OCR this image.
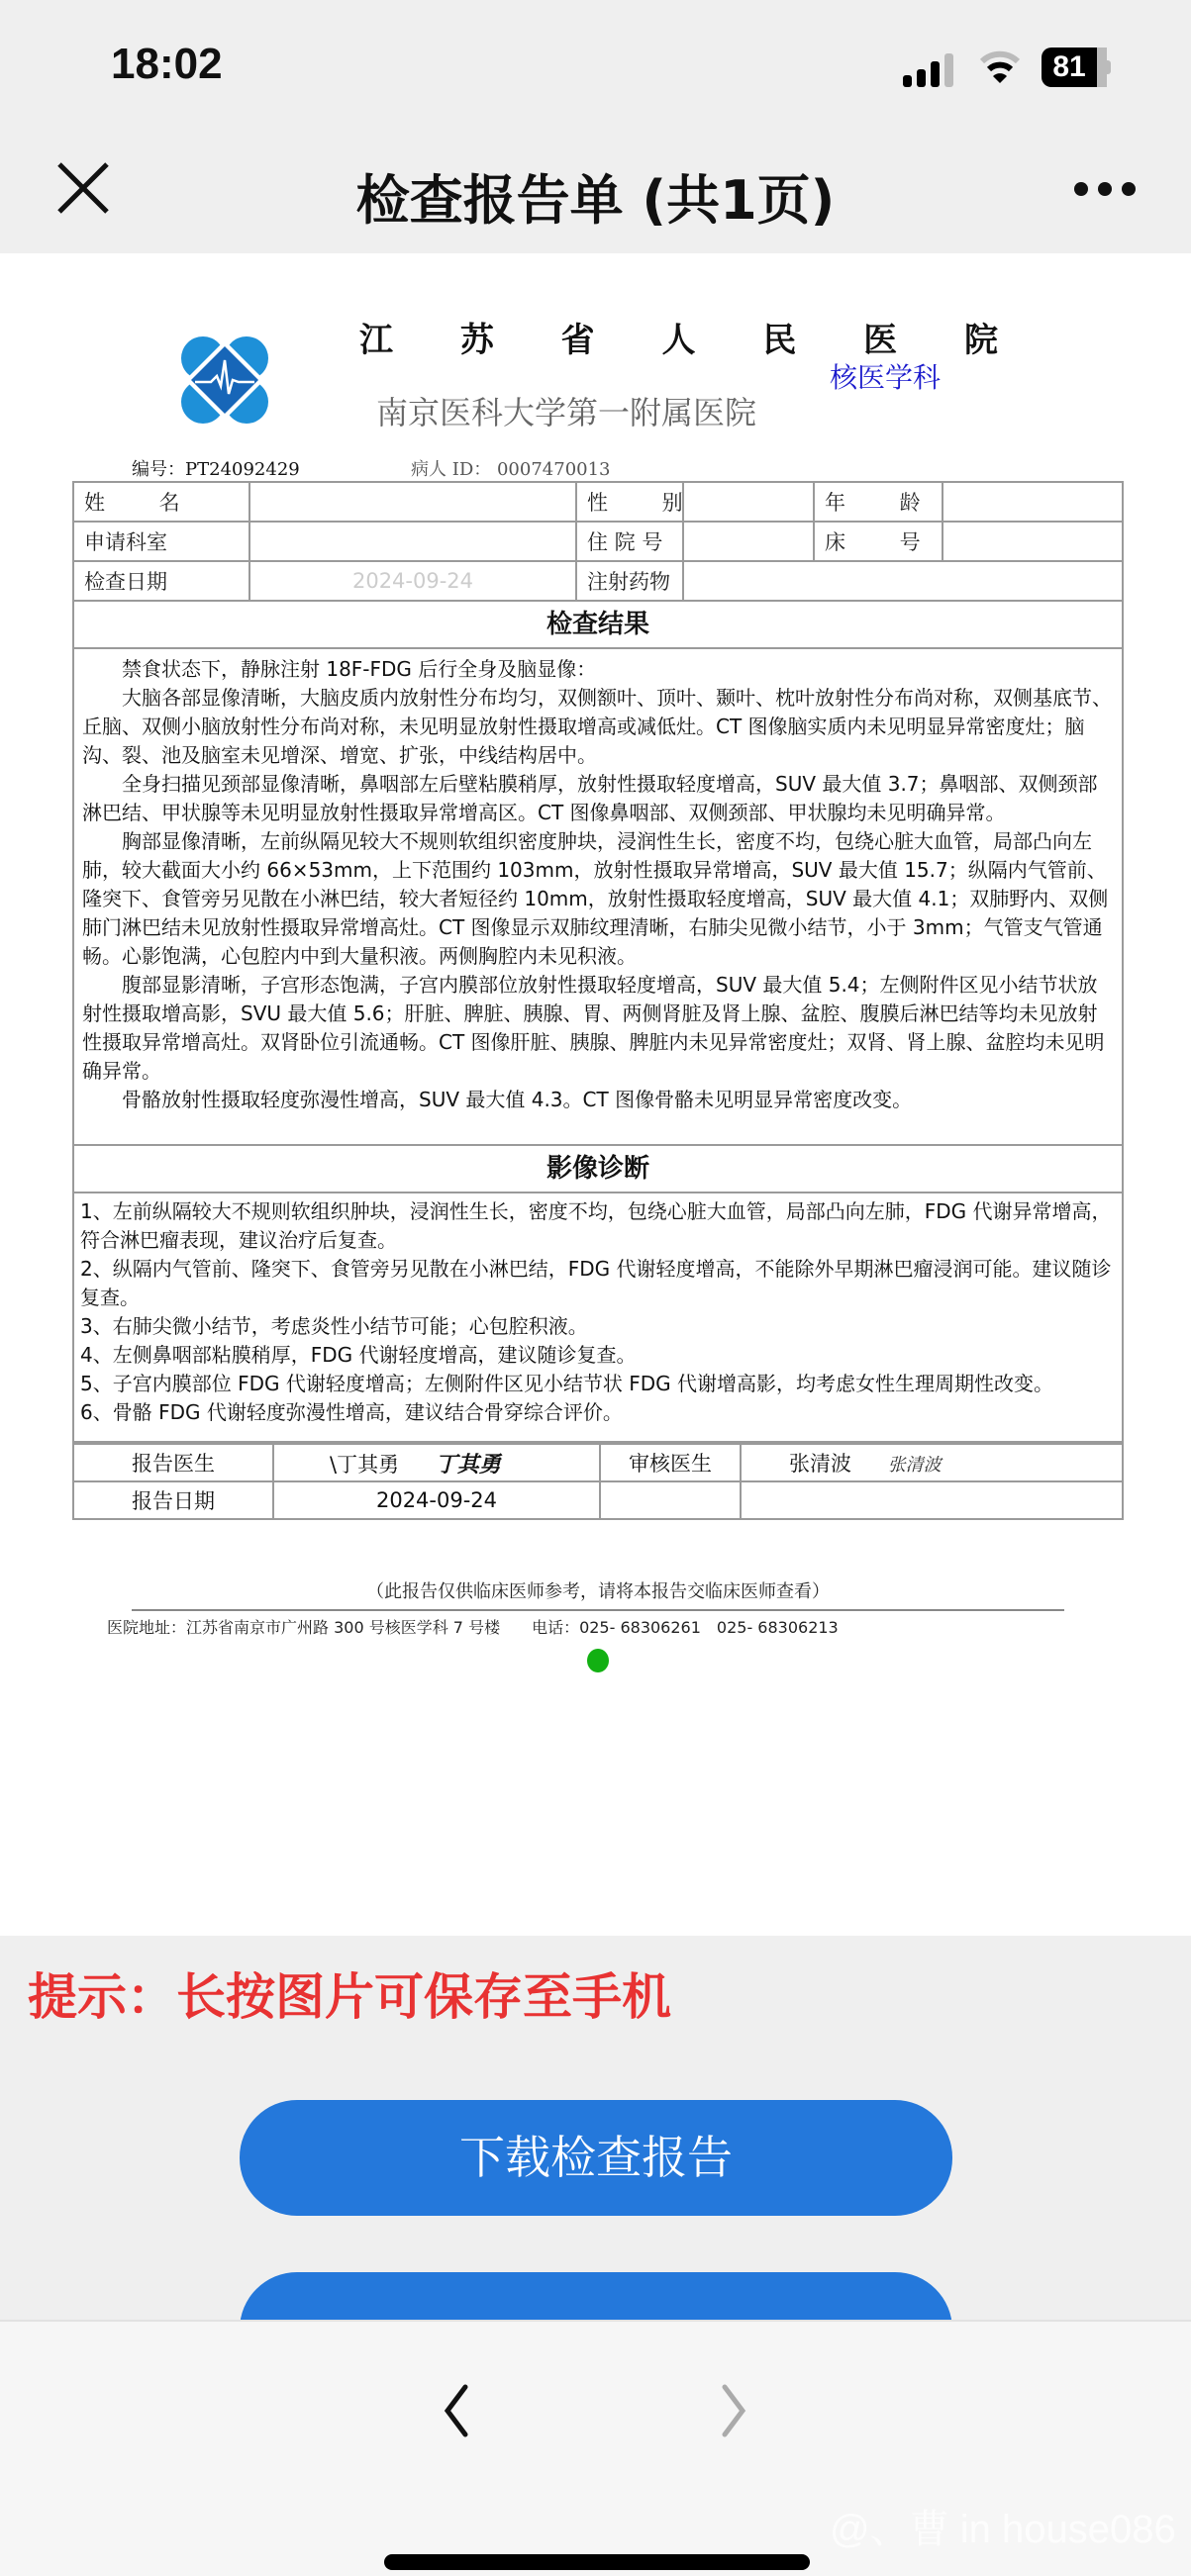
18:02	81
检查报告单 (共1页)
江 苏 省 人 民 医 院
南京医科大学第一附属医院
核医学科
编号：PT24092429	病人 ID： 0007470013
姓 名		性 别		年 龄	
申请科室		住 院 号		床 号	
检查日期	2024-09-24	注射药物			
检查结果

禁食状态下，静脉注射 18F-FDG 后行全身及脑显像：

大脑各部显像清晰，大脑皮质内放射性分布均匀，双侧额叶、顶叶、颞叶、枕叶放射性分布尚对称，双侧基底节、丘脑、双侧小脑放射性分布尚对称，未见明显放射性摄取增高或减低灶。CT 图像脑实质内未见明显异常密度灶；脑沟、裂、池及脑室未见增深、增宽、扩张，中线结构居中。

全身扫描见颈部显像清晰，鼻咽部左后壁粘膜稍厚，放射性摄取轻度增高，SUV 最大值 3.7；鼻咽部、双侧颈部淋巴结、甲状腺等未见明显放射性摄取异常增高区。CT 图像鼻咽部、双侧颈部、甲状腺均未见明确异常。

胸部显像清晰，左前纵隔见较大不规则软组织密度肿块，浸润性生长，密度不均，包绕心脏大血管，局部凸向左肺，较大截面大小约 66×53mm，上下范围约 103mm，放射性摄取异常增高，SUV 最大值 15.7；纵隔内气管前、隆突下、食管旁另见散在小淋巴结，较大者短径约 10mm，放射性摄取轻度增高，SUV 最大值 4.1；双肺野内、双侧肺门淋巴结未见放射性摄取异常增高灶。CT 图像显示双肺纹理清晰，右肺尖见微小结节，小于 3mm；气管支气管通畅。心影饱满，心包腔内中到大量积液。两侧胸腔内未见积液。

腹部显影清晰，子宫形态饱满，子宫内膜部位放射性摄取轻度增高，SUV 最大值 5.4；左侧附件区见小结节状放射性摄取增高影，SVU 最大值 5.6；肝脏、脾脏、胰腺、胃、两侧肾脏及肾上腺、盆腔、腹膜后淋巴结等均未见放射性摄取异常增高灶。双肾卧位引流通畅。CT 图像肝脏、胰腺、脾脏内未见异常密度灶；双肾、肾上腺、盆腔均未见明确异常。

骨骼放射性摄取轻度弥漫性增高，SUV 最大值 4.3。CT 图像骨骼未见明显异常密度改变。

影像诊断
1、左前纵隔较大不规则软组织肿块，浸润性生长，密度不均，包绕心脏大血管，局部凸向左肺，FDG 代谢异常增高，符合淋巴瘤表现，建议治疗后复查。
2、纵隔内气管前、隆突下、食管旁另见散在小淋巴结，FDG 代谢轻度增高，不能除外早期淋巴瘤浸润可能。建议随诊复查。
3、右肺尖微小结节，考虑炎性小结节可能；心包腔积液。
4、左侧鼻咽部粘膜稍厚，FDG 代谢轻度增高，建议随诊复查。
5、子宫内膜部位 FDG 代谢轻度增高；左侧附件区见小结节状 FDG 代谢增高影，均考虑女性生理周期性改变。
6、骨骼 FDG 代谢轻度弥漫性增高，建议结合骨穿综合评价。
报告医生	\丁其勇 丁其勇	审核医生	张清波 张清波
报告日期	2024-09-24		
（此报告仅供临床医师参考，请将本报告交临床医师查看）
医院地址：江苏省南京市广州路 300 号核医学科 7 号楼　　电话：025- 68306261　025- 68306213
提示：长按图片可保存至手机
下载检查报告
@、曹 in house086
